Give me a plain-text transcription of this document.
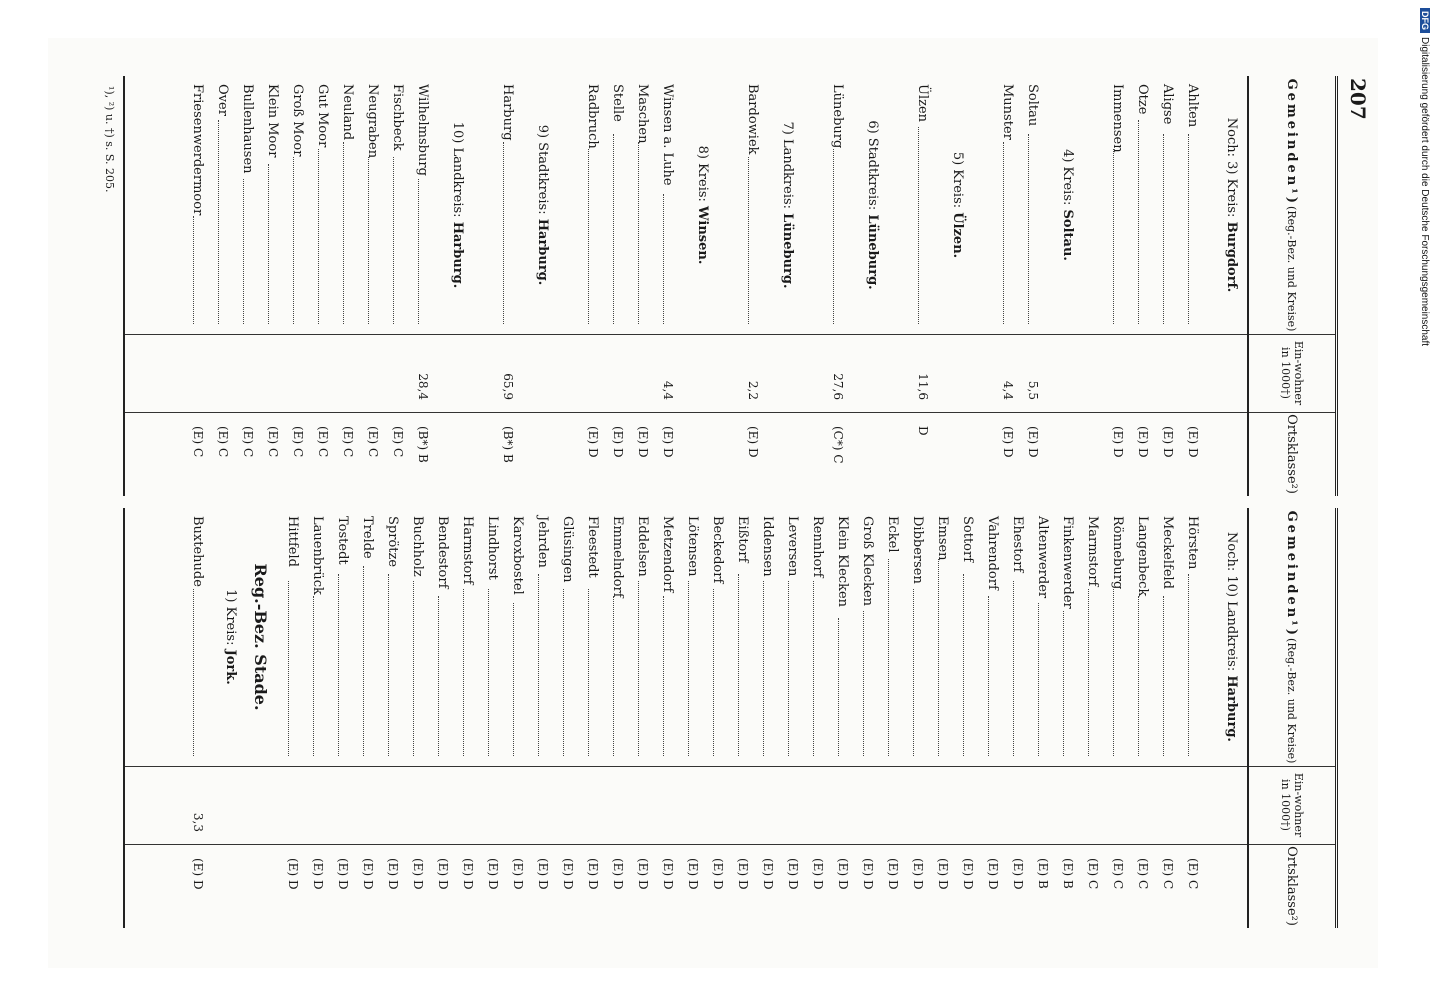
207
Gemeinden¹)
(Reg.-Bez. und Kreise)
Ein-wohner in 1000†)
Ortsklasse²)
Noch: 3) Kreis: Burgdorf.
Ahlten
(E) D
Aligse
(E) D
Otze
(E) D
Immensen
(E) D
4) Kreis: Soltau.
Soltau
5,5
(E) D
Munster
4,4
(E) D
5) Kreis: Ülzen.
Ülzen
11,6
D
6) Stadtkreis: Lüneburg.
Lüneburg
27,6
(C*) C
7) Landkreis: Lüneburg.
Bardowiek
2,2
(E) D
8) Kreis: Winsen.
Winsen a. Luhe
4,4
(E) D
Maschen
(E) D
Stelle
(E) D
Radbruch
(E) D
9) Stadtkreis: Harburg.
Harburg
65,9
(B*) B
10) Landkreis: Harburg.
Wilhelmsburg
28,4
(B*) B
Fischbeck
(E) C
Neugraben
(E) C
Neuland
(E) C
Gut Moor
(E) C
Groß Moor
(E) C
Klein Moor
(E) C
Bullenhausen
(E) C
Over
(E) C
Friesenwerdermoor
(E) C
Gemeinden¹)
(Reg.-Bez. und Kreise)
Ein-wohner in 1000†)
Ortsklasse²)
Noch: 10) Landkreis: Harburg.
Hörsten
(E) C
Meckelfeld
(E) C
Langenbeck
(E) C
Rönneburg
(E) C
Marmstorf
(E) C
Finkenwerder
(E) B
Altenwerder
(E) B
Ehestorf
(E) D
Vahrendorf
(E) D
Sottorf
(E) D
Emsen
(E) D
Dibbersen
(E) D
Eckel
(E) D
Groß Klecken
(E) D
Klein Klecken
(E) D
Rennhorf
(E) D
Leversen
(E) D
Iddensen
(E) D
Eißtorf
(E) D
Beckedorf
(E) D
Lötensen
(E) D
Metzendorf
(E) D
Eddelsen
(E) D
Emmelndorf
(E) D
Fleestedt
(E) D
Glüsingen
(E) D
Jehrden
(E) D
Karoxbostel
(E) D
Lindhorst
(E) D
Harmstorf
(E) D
Bendestorf
(E) D
Buchholz
(E) D
Sprötze
(E) D
Trelde
(E) D
Tostedt
(E) D
Lauenbrück
(E) D
Hittfeld
(E) D
Reg.-Bez. Stade.
1) Kreis: Jork.
Buxtehude
3,3
(E) D
¹), ²) u. †) s. S. 205.
DFGDigitalisierung gefördert durch die Deutsche Forschungsgemeinschaft
